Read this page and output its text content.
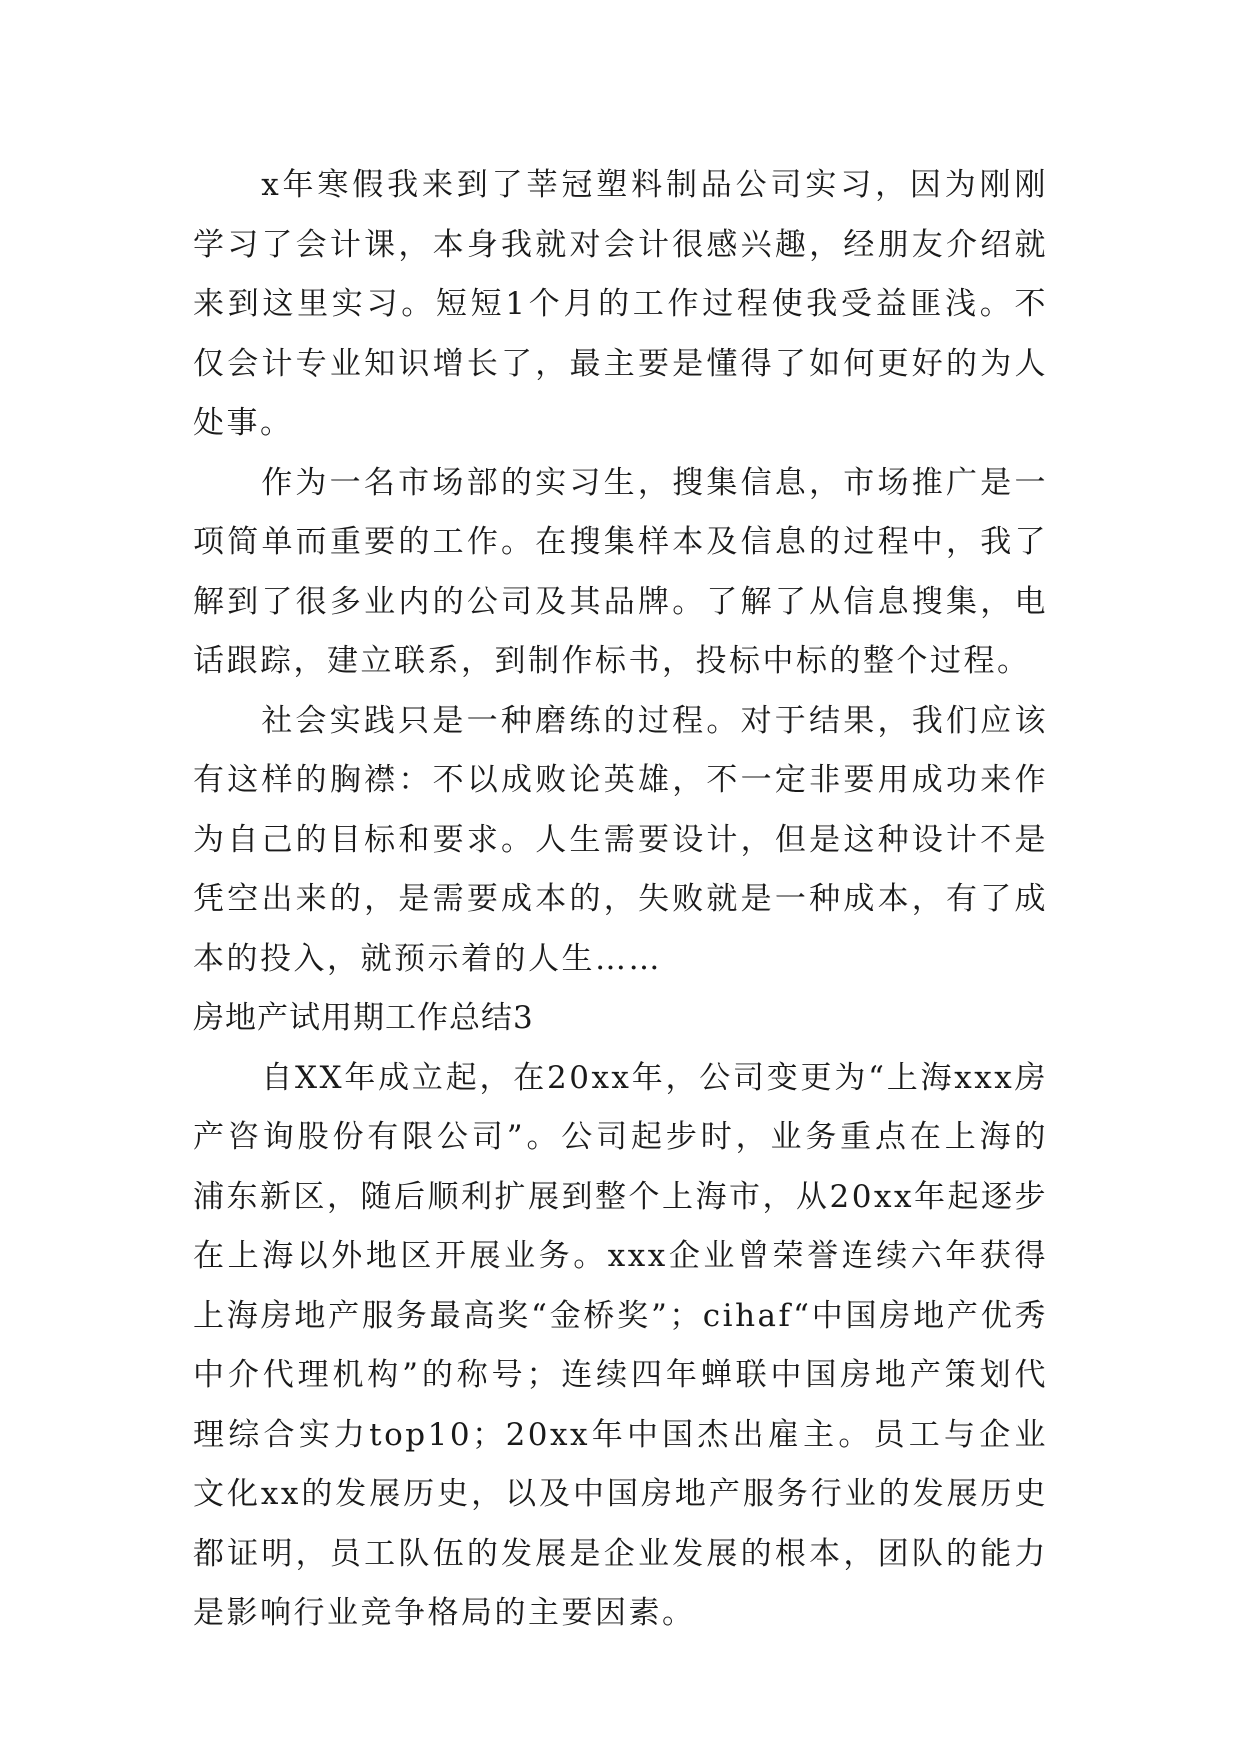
x年寒假我来到了莘冠塑料制品公司实习，因为刚刚学习了会计课，本身我就对会计很感兴趣，经朋友介绍就来到这里实习。短短1个月的工作过程使我受益匪浅。不仅会计专业知识增长了，最主要是懂得了如何更好的为人处事。

作为一名市场部的实习生，搜集信息，市场推广是一项简单而重要的工作。在搜集样本及信息的过程中，我了解到了很多业内的公司及其品牌。了解了从信息搜集，电话跟踪，建立联系，到制作标书，投标中标的整个过程。

社会实践只是一种磨练的过程。对于结果，我们应该有这样的胸襟：不以成败论英雄，不一定非要用成功来作为自己的目标和要求。人生需要设计，但是这种设计不是凭空出来的，是需要成本的，失败就是一种成本，有了成本的投入，就预示着的人生……

房地产试用期工作总结3

自XX年成立起，在20xx年，公司变更为“上海xxx房产咨询股份有限公司”。公司起步时，业务重点在上海的浦东新区，随后顺利扩展到整个上海市，从20xx年起逐步在上海以外地区开展业务。xxx企业曾荣誉连续六年获得上海房地产服务最高奖“金桥奖”；cihaf“中国房地产优秀中介代理机构”的称号；连续四年蝉联中国房地产策划代理综合实力top10；20xx年中国杰出雇主。员工与企业文化xx的发展历史，以及中国房地产服务行业的发展历史都证明，员工队伍的发展是企业发展的根本，团队的能力是影响行业竞争格局的主要因素。
